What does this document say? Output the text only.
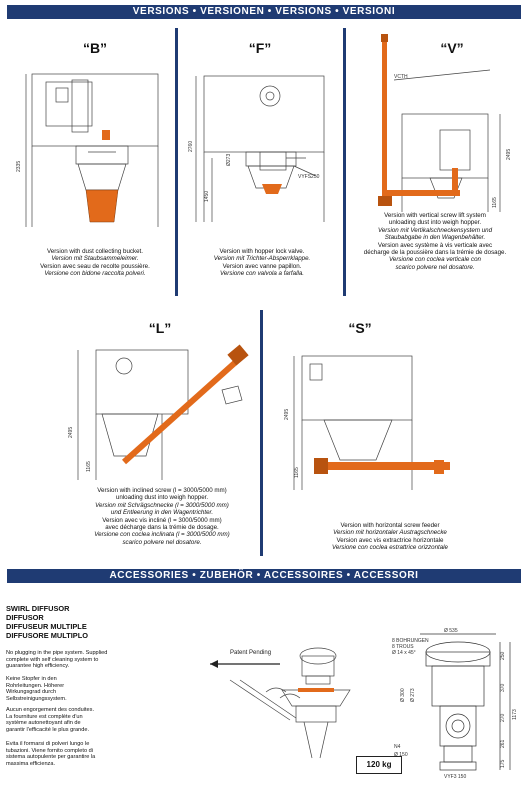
VERSIONS • VERSIONEN • VERSIONS • VERSIONI
ACCESSORIES • ZUBEHÖR • ACCESSOIRES • ACCESSORI
“B”
2335
Version with dust collecting bucket.
Version mit Staubsammeleimer.
Version avec seau de recolte poussière.
Versione con bidone raccolta polveri.
“F”
2760
1450
Ø273
VYFS250
Version with hopper lock valve.
Version mit Trichter-Absperrklappe.
Version avec vanne papillon.
Versione con valvola a farfalla.
“V”
VCTH
2495
1165
Version with vertical screw lift system
unloading dust into weigh hopper.
Version mit Vertikalschneckensystem und
Staubabgabe in den Wagenbehälter.
Version avec système à vis verticale avec
décharge de la poussière dans la trémie de dosage.
Versione con coclea verticale con
scarico polvere nel dosatore.
“L”
2495
1165
Version with inclined screw (l = 3000/5000 mm)
unloading dust into weigh hopper.
Version mit Schrägschnecke (l = 3000/5000 mm)
und Entleerung in den Wagentrichter.
Version avec vis incliné (l = 3000/5000 mm)
avec décharge dans la trémie de dosage.
Versione con coclea inclinata (l = 3000/5000 mm)
scarico polvere nel dosatore.
“S”
2495
1165
Version with horizontal screw feeder
Version mit horizontaler Austragschnecke
Version avec vis extractrice horizontale
Versione con coclea estrattrice orizzontale
SWIRL DIFFUSOR
DIFFUSOR
DIFFUSEUR MULTIPLE
DIFFUSORE MULTIPLO
No plugging in the pipe system. Supplied
complete with self cleaning system to
guarantee high efficiency.
Keine Stopfer in den
Rohrleitungen. Höherer
Wirkungsgrad durch
Selbstreinigungssystem.
Aucun engorgement des conduites.
La fourniture est complète d'un
système autonettoyant afin de
garantir l'efficacité le plus grande.
Evita il formarsi di polveri lungo le
tubazioni. Viene fornito completo di
sistema autopulente per garantire la
massima efficienza.
Patent Pending
120 kg
Ø 535
8 BOHRUNGEN
8 TROUS
Ø 14 x 45°
Ø 300 Ø 273
N4
Ø 150
250
370
270
261
175
1173
VYF3 150
